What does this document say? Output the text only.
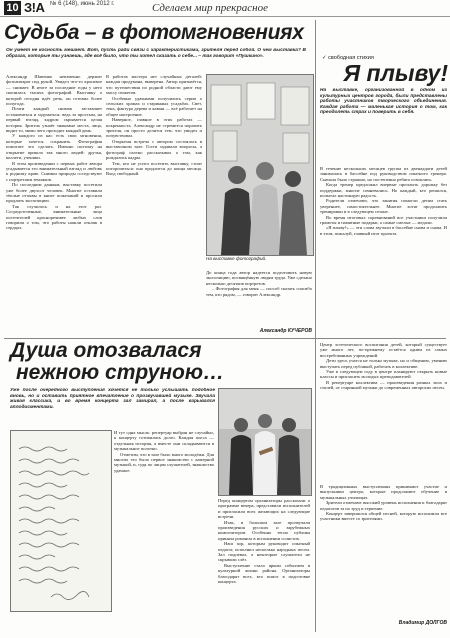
10 З!А № 6 (148), июнь 2012 г.	Сделаем мир прекрасное
Судьба – в фотомгновениях

Он умеет не косность мешает. Вот, пусть ради связи с характеристиками, зрителя перед собой. О чем выставка? В образах, которые ты узнаешь, где всё было, что ты хотел сказать о себе... – так говорит «Пушкино».

Александр Шапенко неизменно держит фотоаппарат под рукой. Увидел что-то красивое — снимает. В итоге за последние годы у него скопилась тысяча фотографий. Выставку о которой сегодня идёт речь, он готовил более полугода.

Почти каждый снимок заставляет остановиться и задуматься: ведь за простым, на первый взгляд, кадром скрывается целая история. Зритель узнаёт знакомые места, лица, видит то, мимо чего проходит каждый день.

У каждого из нас есть свои мгновения, которые хочется сохранить. Фотография помогает это сделать. Именно поэтому на открытие пришло так много людей: друзья, коллеги, ученики.

В этом произведении с первых работ автора угадывается его внимательный взгляд и любовь к родному краю. Снимки природы соседствуют с портретами земляков.

По последним данным, выставку посетили уже более двухсот человек. Многие оставили тёплые отзывы в книге пожеланий и просили продлить экспозицию.

Так случилось и на этот раз. Сосредоточенные, внимательные лица посетителей красноречивее любых слов говорили о том, что работы нашли отклик в сердцах.

В работах мастера нет случайных деталей: каждая продумана, выверена. Автор признаётся, что путешествия по родной области дают ему массу сюжетов.

Особенно удачными получились серии о сельских храмах и старинных усадьбах. Свет, тень, фактура дерева и камня — всё работает на общее настроение.

Наверное, главное в этих работах — искренность. Александр не стремится поразить зрителя, он просто делится тем, что увидел и почувствовал.

Открытая встреча с автором состоялась в выставочном зале. Гости задавали вопросы, а фотограф охотно рассказывал о том, как рождались кадры.

Тем, кто не успел посетить выставку, стоит поторопиться: она продлится до конца месяца. Вход свободный.

На выставке фотографий.

До конца года автор надеется подготовить новую экспозицию, посвящённую людям труда. Уже сделано несколько десятков портретов.

– Фотография для меня — способ сказать спасибо тем, кто рядом, — говорит Александр.

Александр КУЧЕРОВ
✓ свободная стихия
Я плыву!

На выставке, организованной в одном из культурных центров города, были представлены работы участников творческого объединения. Каждая работа — маленькая история о том, как преодолеть страх и поверить в себя.

В течение нескольких месяцев группа из двенадцати детей занималась в бассейне под руководством опытного тренера. Сначала было страшно, но постепенно ребята освоились.

Когда тренер предложил впервые проплыть дорожку без поддержки, многие сомневались. Но каждый, кто решился, испытал настоящую радость.

Родители отмечают, что занятия помогли детям стать увереннее, самостоятельнее. Многие хотят продолжить тренировки и в следующем сезоне.

Во время итоговых соревнований все участники получили грамоты и памятные подарки, а самые смелые — медали.

«Я плыву!» — эти слова звучали в бассейне снова и снова. И в этом, пожалуй, главный итог проекта.

Душа отозвалася
нежною струною…

Уже после очередного выступления хочется не только услышать подобное вновь, но и оставить приятное впечатление о прозвучавшей музыке. Звучала живая классика, и во время концерта зал замирал, а после взрывался аплодисментами.

И тут одна мысль: репертуар выбран не случайно, к концерту готовились долго. Каждая пьеса — отдельная история, а вместе они складываются в музыкальное полотно.

Отметим, что в зале было много молодёжи. Для многих это было первое знакомство с камерной музыкой, и, судя по лицам слушателей, знакомство удачное.

Перед концертом организаторы рассказали о программе вечера, представили исполнителей и пригласили всех желающих на следующие встречи.

Итак, в большом зале прозвучали произведения русских и зарубежных композиторов. Особенно тепло публика приняла романсы в исполнении солистов.

Наш хор, которым руководит опытный педагог, исполнил несколько народных песен. Зал подпевал, а некоторые слушатели не скрывали слёз.

Выступление стало ярким событием в культурной жизни района. Организаторы благодарят всех, кто помог в подготовке концерта.

Центр эстетического воспитания детей, который существует уже много лет, по-прежнему остаётся одним из самых востребованных учреждений.

Дети здесь учатся не только музыке, но и общению, умению выступать перед публикой, работать в коллективе.

Уже в следующем году в центре планируют открыть новые классы и пригласить молодых преподавателей.

В репертуаре коллектива — произведения разных эпох и стилей, от старинной музыки до современных авторских песен.

В традиционных выступлениях принимают участие и выпускники центра, которые продолжают обучение в музыкальных училищах.

Зрители отмечают высокий уровень исполнения и благодарят педагогов за их труд и терпение.

Концерт завершился общей песней, которую исполнили все участники вместе со зрителями.

Владимир ДОЛГОВ
